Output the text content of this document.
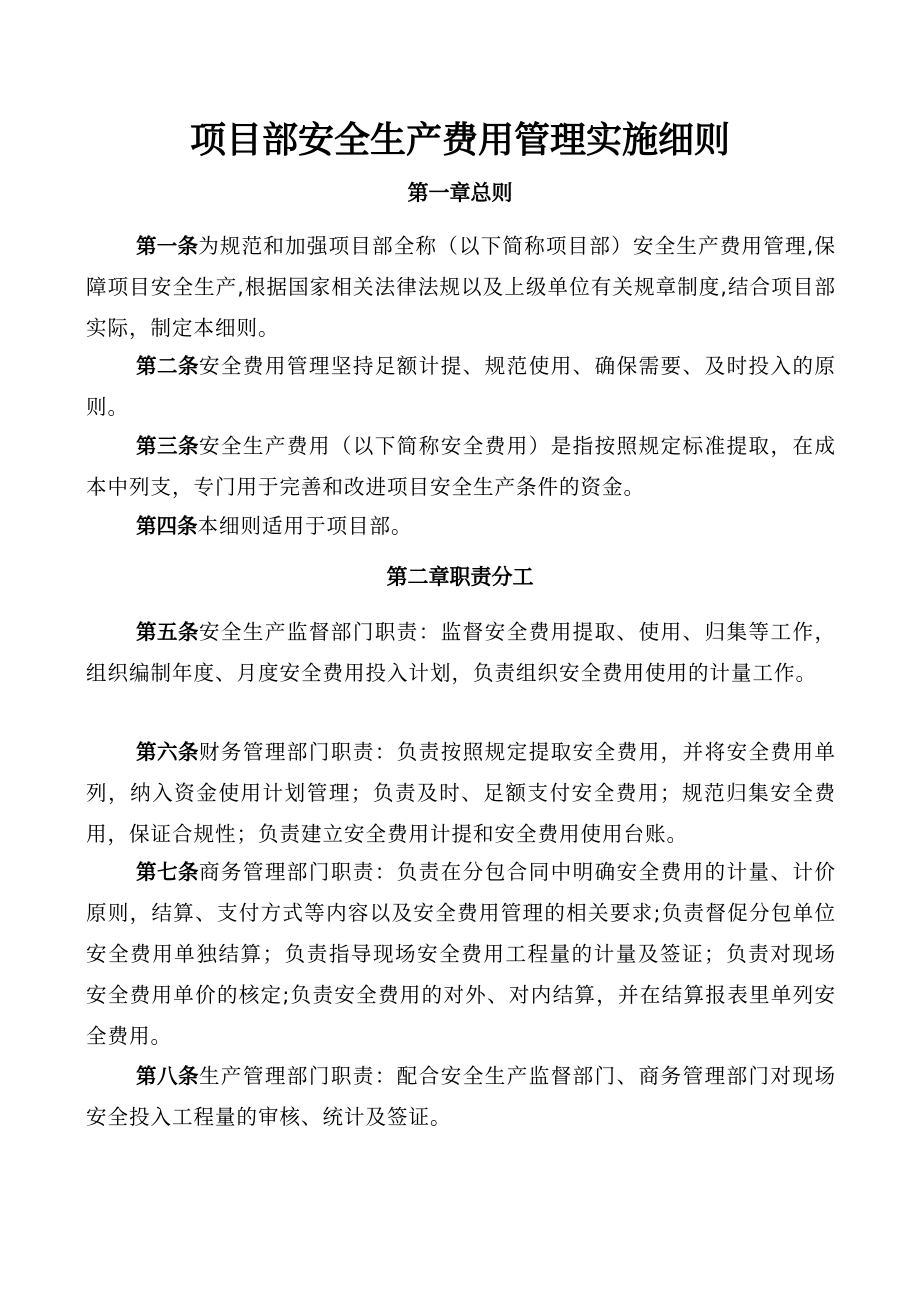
项目部安全生产费用管理实施细则
第一章总则

第一条为规范和加强项目部全称（以下简称项目部）安全生产费用管理,保障项目安全生产,根据国家相关法律法规以及上级单位有关规章制度,结合项目部实际，制定本细则。

第二条安全费用管理坚持足额计提、规范使用、确保需要、及时投入的原则。

第三条安全生产费用（以下简称安全费用）是指按照规定标准提取，在成本中列支，专门用于完善和改进项目安全生产条件的资金。

第四条本细则适用于项目部。

第二章职责分工

第五条安全生产监督部门职责：监督安全费用提取、使用、归集等工作，组织编制年度、月度安全费用投入计划，负责组织安全费用使用的计量工作。

第六条财务管理部门职责：负责按照规定提取安全费用，并将安全费用单列，纳入资金使用计划管理；负责及时、足额支付安全费用；规范归集安全费用，保证合规性；负责建立安全费用计提和安全费用使用台账。

第七条商务管理部门职责：负责在分包合同中明确安全费用的计量、计价原则，结算、支付方式等内容以及安全费用管理的相关要求;负责督促分包单位安全费用单独结算；负责指导现场安全费用工程量的计量及签证；负责对现场安全费用单价的核定;负责安全费用的对外、对内结算，并在结算报表里单列安全费用。

第八条生产管理部门职责：配合安全生产监督部门、商务管理部门对现场安全投入工程量的审核、统计及签证。
